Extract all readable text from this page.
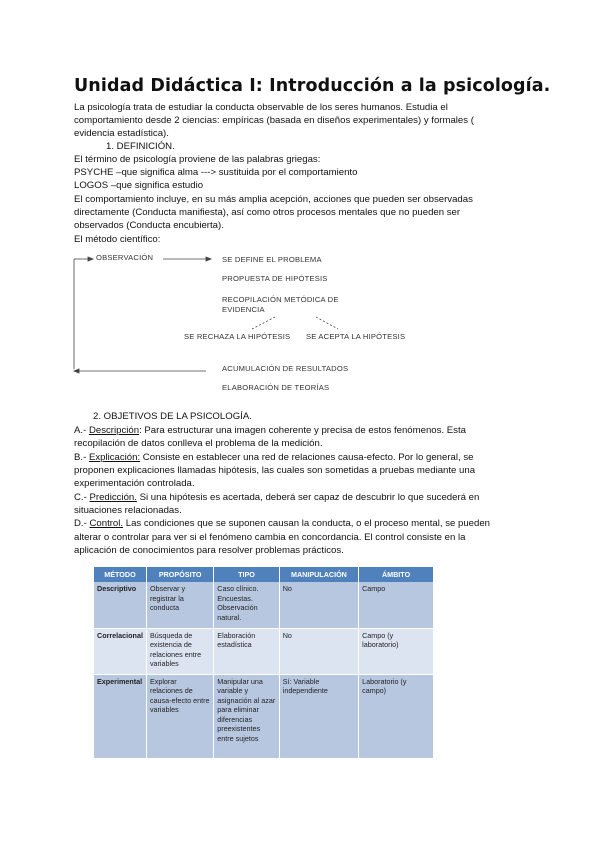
Unidad Didáctica I: Introducción a la psicología.
La psicología trata de estudiar la conducta observable de los seres humanos. Estudia el
comportamiento desde 2 ciencias: empíricas (basada en diseños experimentales) y formales (
evidencia estadística).
1. DEFINICIÓN.
El término de psicología proviene de las palabras griegas:
PSYCHE –que significa alma ---> sustituida por el comportamiento
LOGOS –que significa estudio
El comportamiento incluye, en su más amplia acepción, acciones que pueden ser observadas
directamente (Conducta manifiesta), así como otros procesos mentales que no pueden ser
observados (Conducta encubierta).
El método científico:
OBSERVACIÓN	SE DEFINE EL PROBLEMA
PROPUESTA DE HIPÓTESIS
RECOPILACIÓN METÓDICA DE
EVIDENCIA
SE RECHAZA LA HIPÓTESIS SE ACEPTA LA HIPÓTESIS
ACUMULACIÓN DE RESULTADOS
ELABORACIÓN DE TEORÍAS
2. OBJETIVOS DE LA PSICOLOGÍA.
A.- Descripción: Para estructurar una imagen coherente y precisa de estos fenómenos. Esta
recopilación de datos conlleva el problema de la medición.
B.- Explicación: Consiste en establecer una red de relaciones causa-efecto. Por lo general, se
proponen explicaciones llamadas hipótesis, las cuales son sometidas a pruebas mediante una
experimentación controlada.
C.- Predicción. Si una hipótesis es acertada, deberá ser capaz de descubrir lo que sucederá en
situaciones relacionadas.
D.- Control. Las condiciones que se suponen causan la conducta, o el proceso mental, se pueden
alterar o controlar para ver si el fenómeno cambia en concordancia. El control consiste en la
aplicación de conocimientos para resolver problemas prácticos.
MÉTODO	PROPÓSITO	TIPO	MANIPULACIÓN	ÁMBITO
Descriptivo	Observar y registrar la conducta	Caso clínico. Encuestas. Observación natural.	No	Campo
Correlacional	Búsqueda de existencia de relaciones entre variables	Elaboración estadística	No	Campo (y laboratorio)
Experimental	Explorar relaciones de causa-efecto entre variables	Manipular una variable y asignación al azar para eliminar diferencias preexistentes entre sujetos	Sí: Variable independiente	Laboratorio (y campo)
